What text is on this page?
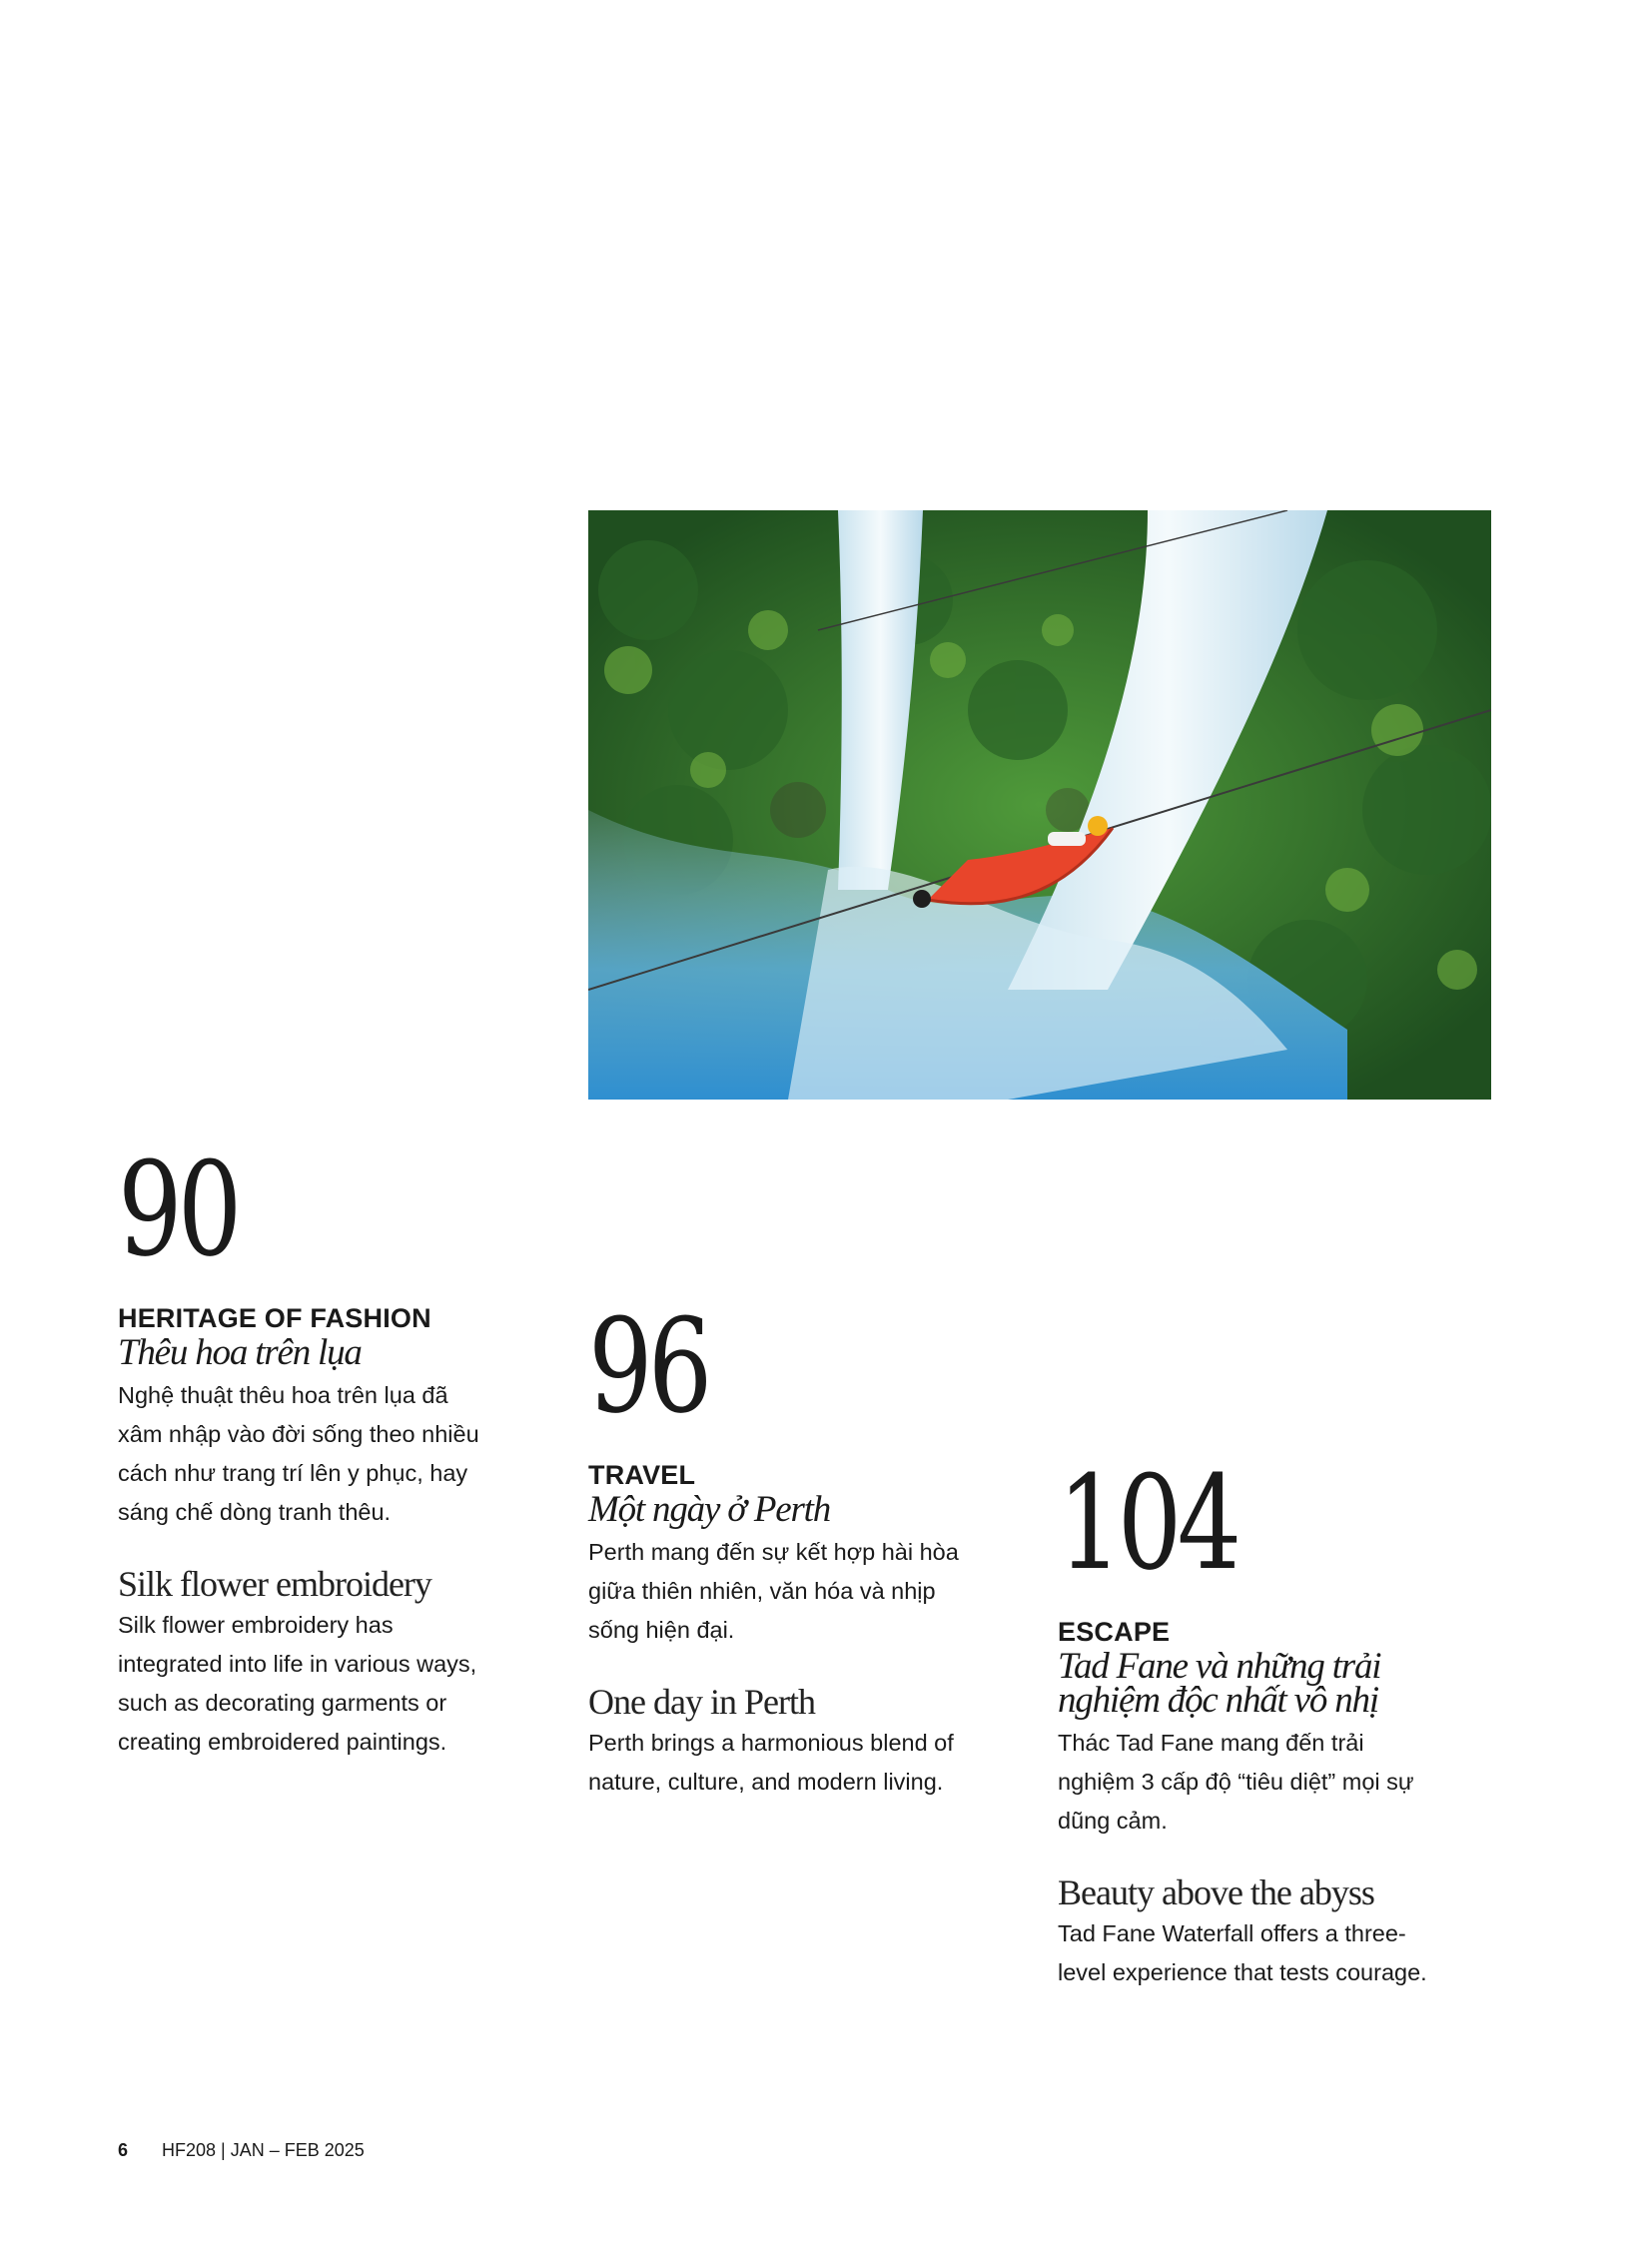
90
HERITAGE OF FASHION
Thêu hoa trên lụa
Nghệ thuật thêu hoa trên lụa đã
xâm nhập vào đời sống theo nhiều
cách như trang trí lên y phục, hay
sáng chế dòng tranh thêu.
Silk flower embroidery
Silk flower embroidery has
integrated into life in various ways,
such as decorating garments or
creating embroidered paintings.
96
TRAVEL
Một ngày ở Perth
Perth mang đến sự kết hợp hài hòa
giữa thiên nhiên, văn hóa và nhịp
sống hiện đại.
One day in Perth
Perth brings a harmonious blend of
nature, culture, and modern living.
104
ESCAPE
Tad Fane và những trải
nghiệm độc nhất vô nhị
Thác Tad Fane mang đến trải
nghiệm 3 cấp độ “tiêu diệt” mọi sự
dũng cảm.
Beauty above the abyss
Tad Fane Waterfall offers a three-
level experience that tests courage.
6 HF208 | JAN – FEB 2025
